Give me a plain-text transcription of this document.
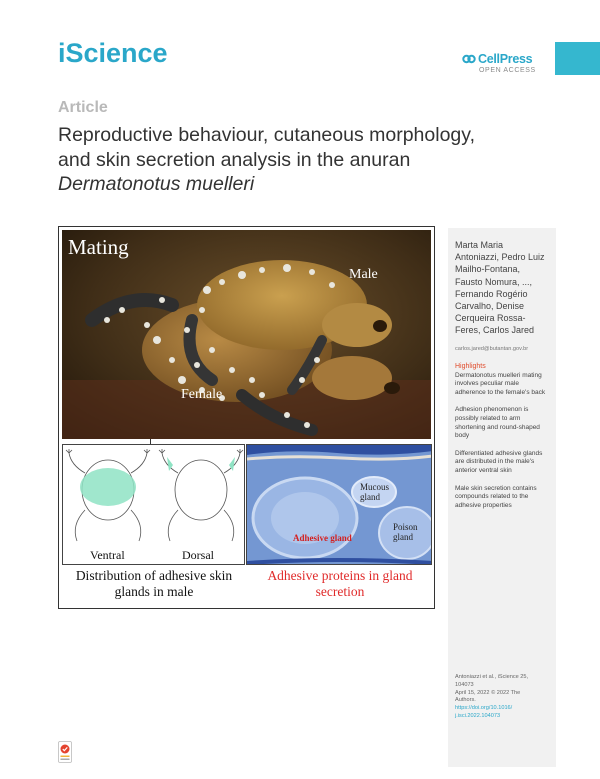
iScience	CellPress
OPEN ACCESS
Article
Reproductive behaviour, cutaneous morphology,
and skin secretion analysis in the anuran
Dermatonotus muelleri
Mating
Male
Female
Ventral	Dorsal
Mucous
gland
Poison
gland
Adhesive gland
Distribution of adhesive skin glands in male
Adhesive proteins in gland secretion
Marta Maria Antoniazzi, Pedro Luiz Mailho-Fontana, Fausto Nomura, ..., Fernando Rogério Carvalho, Denise Cerqueira Rossa-Feres, Carlos Jared
carlos.jared@butantan.gov.br
Highlights
Dermatonotus muelleri mating involves peculiar male adherence to the female's back
Adhesion phenomenon is possibly related to arm shortening and round-shaped body
Differentiated adhesive glands are distributed in the male's anterior ventral skin
Male skin secretion contains compounds related to the adhesive properties
Antoniazzi et al., iScience 25,
104073
April 15, 2022 © 2022 The
Authors.
https://doi.org/10.1016/
j.isci.2022.104073
